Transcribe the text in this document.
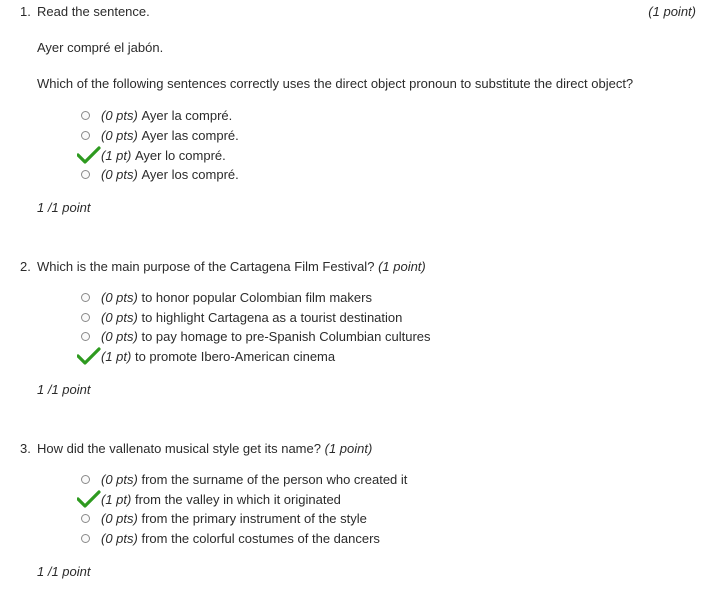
1. Read the sentence.	(1 point)
Ayer compré el jabón.
Which of the following sentences correctly uses the direct object pronoun to substitute the direct object?
(0 pts)
Ayer la compré.
(0 pts)
Ayer las compré.
(1 pt)
Ayer lo compré.
(0 pts)
Ayer los compré.
1 /1 point
2. Which is the main purpose of the Cartagena Film Festival? (1 point)
(0 pts)
to honor popular Colombian film makers
(0 pts)
to highlight Cartagena as a tourist destination
(0 pts)
to pay homage to pre-Spanish Columbian cultures
(1 pt)
to promote Ibero-American cinema
1 /1 point
3. How did the vallenato musical style get its name? (1 point)
(0 pts)
from the surname of the person who created it
(1 pt)
from the valley in which it originated
(0 pts)
from the primary instrument of the style
(0 pts)
from the colorful costumes of the dancers
1 /1 point
